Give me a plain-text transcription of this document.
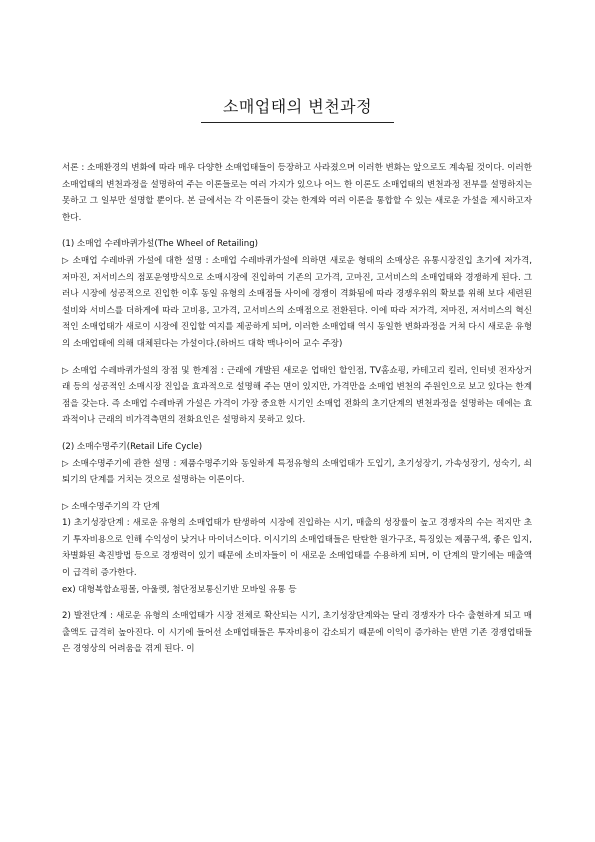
소매업태의 변천과정

서론 : 소매환경의 변화에 따라 매우 다양한 소매업태들이 등장하고 사라졌으며 이러한 변화는 앞으로도 계속될 것이다. 이러한 소매업태의 변천과정을 설명하여 주는 이론들로는 여러 가지가 있으나 어느 한 이론도 소매업태의 변천과정 전부를 설명하지는 못하고 그 일부만 설명할 뿐이다. 본 글에서는 각 이론들이 갖는 한계와 여러 이론을 통합할 수 있는 새로운 가설을 제시하고자 한다.

(1) 소매업 수레바퀴가설(The Wheel of Retailing)

▷ 소매업 수레바퀴 가설에 대한 설명 : 소매업 수레바퀴가설에 의하면 새로운 형태의 소매상은 유통시장진입 초기에 저가격, 저마진, 저서비스의 점포운영방식으로 소매시장에 진입하여 기존의 고가격, 고마진, 고서비스의 소매업태와 경쟁하게 된다. 그러나 시장에 성공적으로 진입한 이후 동일 유형의 소매점들 사이에 경쟁이 격화됨에 따라 경쟁우위의 확보를 위해 보다 세련된 설비와 서비스를 더하게에 따라 고비용, 고가격, 고서비스의 소매점으로 전환된다. 이에 따라 저가격, 저마진, 저서비스의 혁신적인 소매업태가 새로이 시장에 진입할 여지를 제공하게 되며, 이러한 소매업태 역시 동일한 변화과정을 거쳐 다시 새로운 유형의 소매업태에 의해 대체된다는 가설이다.(하버드 대학 맥나이어 교수 주장)

▷ 소매업 수레바퀴가설의 장점 및 한계점 : 근래에 개발된 새로운 업태인 할인점, TV홈쇼핑, 카테고리 킬러, 인터넷 전자상거래 등의 성공적인 소매시장 진입을 효과적으로 설명해 주는 면이 있지만, 가격만을 소매업 변천의 주원인으로 보고 있다는 한계점을 갖는다. 즉 소매업 수레바퀴 가설은 가격이 가장 중요한 시기인 소매업 전화의 초기단계의 변천과정을 설명하는 데에는 효과적이나 근래의 비가격측면의 전화요인은 설명하지 못하고 있다.

(2) 소매수명주기(Retail Life Cycle)

▷ 소매수명주기에 관한 설명 : 제품수명주기와 동일하게 특정유형의 소매업태가 도입기, 초기성장기, 가속성장기, 성숙기, 쇠퇴기의 단계를 거치는 것으로 설명하는 이론이다.

▷ 소매수명주기의 각 단계

1) 초기성장단계 : 새로운 유형의 소매업태가 탄생하여 시장에 진입하는 시기, 매출의 성장률이 높고 경쟁자의 수는 적지만 초기 투자비용으로 인해 수익성이 낮거나 마이너스이다. 이시기의 소매업태들은 탄탄한 원가구조, 특징있는 제품구색, 좋은 입지, 차별화된 촉진방법 등으로 경쟁력이 있기 때문에 소비자들이 이 새로운 소매업태를 수용하게 되며, 이 단계의 말기에는 매출액이 급격히 증가한다.

ex) 대형복합쇼핑몰, 아울렛, 첨단정보통신기반 모바일 유통 등

2) 발전단계 : 새로운 유형의 소매업태가 시장 전체로 확산되는 시기, 초기성장단계와는 달리 경쟁자가 다수 출현하게 되고 매출액도 급격히 높아진다. 이 시기에 들어선 소매업태들은 투자비용이 감소되기 때문에 이익이 증가하는 반면 기존 경쟁업태들은 경영상의 어려움을 겪게 된다. 이
